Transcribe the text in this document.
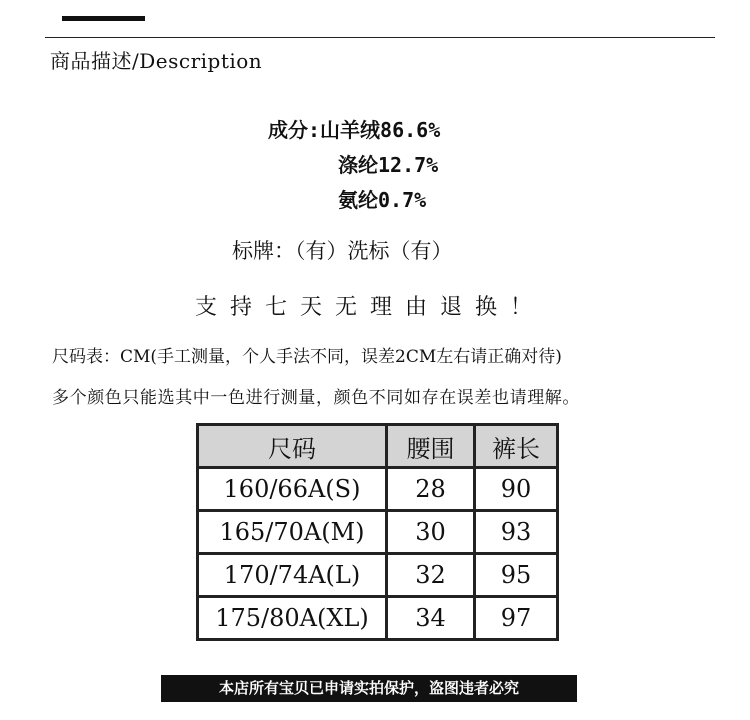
商品描述/Description
成分:山羊绒86.6%
涤纶12.7%
氨纶0.7%
标牌：（有）洗标（有）
支持七天无理由退换！
尺码表：CM(手工测量，个人手法不同，误差2CM左右请正确对待)
多个颜色只能选其中一色进行测量，颜色不同如存在误差也请理解。
尺码	腰围	裤长
160/66A(S)	28	90
165/70A(M)	30	93
170/74A(L)	32	95
175/80A(XL)	34	97
本店所有宝贝已申请实拍保护，盗图违者必究
